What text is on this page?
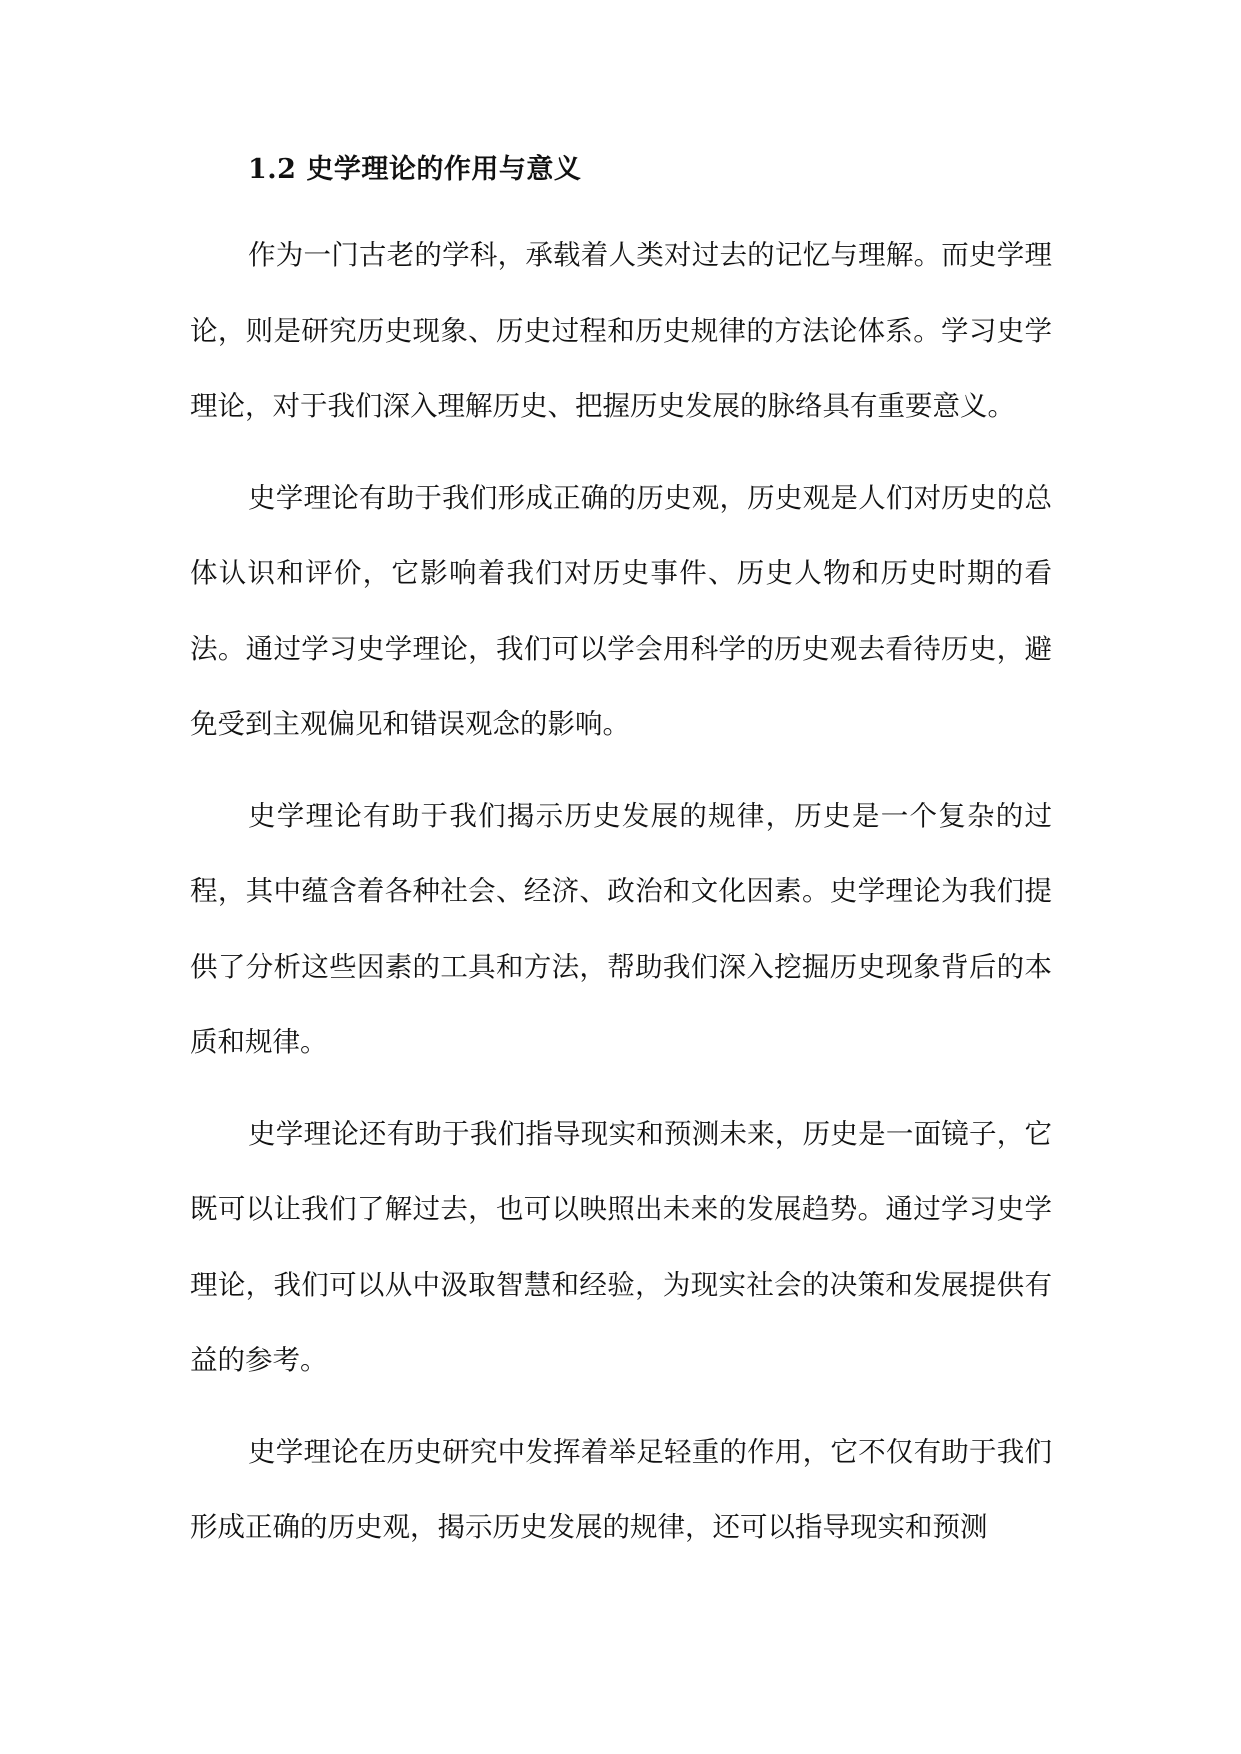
1.2 史学理论的作用与意义

作为一门古老的学科，承载着人类对过去的记忆与理解。而史学理论，则是研究历史现象、历史过程和历史规律的方法论体系。学习史学理论，对于我们深入理解历史、把握历史发展的脉络具有重要意义。

史学理论有助于我们形成正确的历史观，历史观是人们对历史的总体认识和评价，它影响着我们对历史事件、历史人物和历史时期的看法。通过学习史学理论，我们可以学会用科学的历史观去看待历史，避免受到主观偏见和错误观念的影响。

史学理论有助于我们揭示历史发展的规律，历史是一个复杂的过程，其中蕴含着各种社会、经济、政治和文化因素。史学理论为我们提供了分析这些因素的工具和方法，帮助我们深入挖掘历史现象背后的本质和规律。

史学理论还有助于我们指导现实和预测未来，历史是一面镜子，它既可以让我们了解过去，也可以映照出未来的发展趋势。通过学习史学理论，我们可以从中汲取智慧和经验，为现实社会的决策和发展提供有益的参考。

史学理论在历史研究中发挥着举足轻重的作用，它不仅有助于我们形成正确的历史观，揭示历史发展的规律，还可以指导现实和预测
